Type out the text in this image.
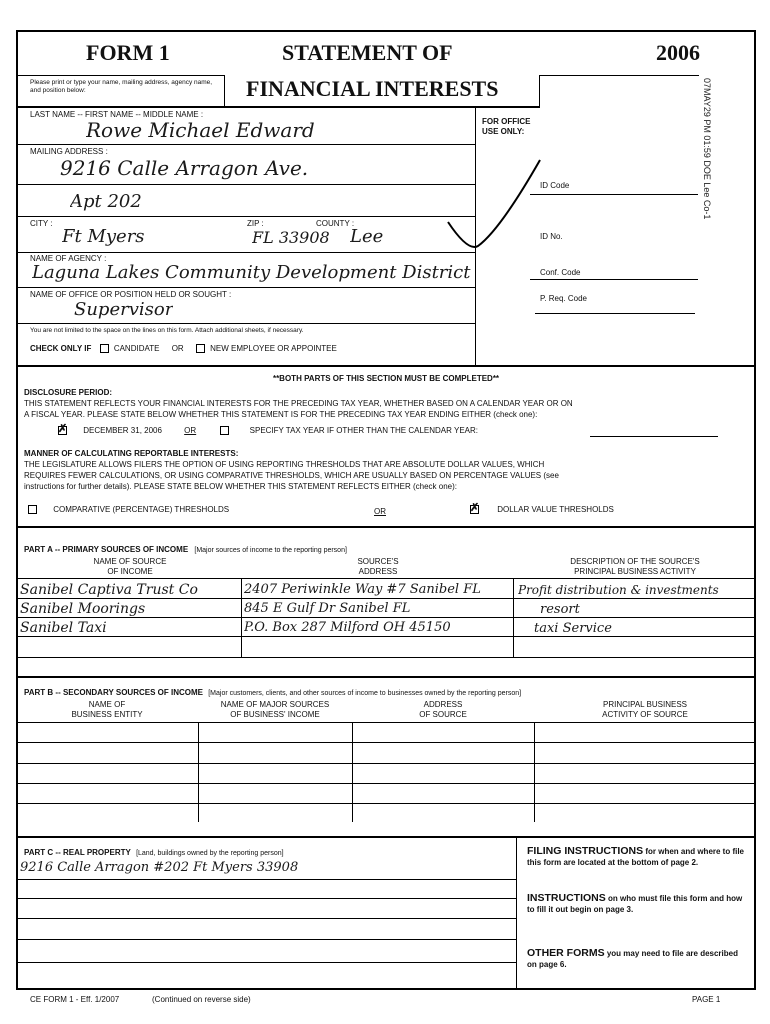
FORM 1	STATEMENT OF	2006
Please print or type your name, mailing address, agency name, and position below:	FINANCIAL INTERESTS	07MAY29 PM 01:59 DOE Lee Co-1
LAST NAME -- FIRST NAME -- MIDDLE NAME :
Rowe Michael Edward
MAILING ADDRESS :
9216 Calle Arragon Ave.
Apt 202
CITY :	ZIP :	COUNTY :
Ft Myers	FL 33908 Lee
NAME OF AGENCY :
Laguna Lakes Community Development District
NAME OF OFFICE OR POSITION HELD OR SOUGHT :
Supervisor
You are not limited to the space on the lines on this form. Attach additional sheets, if necessary.
CHECK ONLY IF	CANDIDATE OR	NEW EMPLOYEE OR APPOINTEE
FOR OFFICE
USE ONLY:
ID Code
ID No.
Conf. Code
P. Req. Code
**BOTH PARTS OF THIS SECTION MUST BE COMPLETED**
DISCLOSURE PERIOD:
THIS STATEMENT REFLECTS YOUR FINANCIAL INTERESTS FOR THE PRECEDING TAX YEAR, WHETHER BASED ON A CALENDAR YEAR OR ON
A FISCAL YEAR. PLEASE STATE BELOW WHETHER THIS STATEMENT IS FOR THE PRECEDING TAX YEAR ENDING EITHER (check one):
✗ DECEMBER 31, 2006	OR	SPECIFY TAX YEAR IF OTHER THAN THE CALENDAR YEAR:
MANNER OF CALCULATING REPORTABLE INTERESTS:
THE LEGISLATURE ALLOWS FILERS THE OPTION OF USING REPORTING THRESHOLDS THAT ARE ABSOLUTE DOLLAR VALUES, WHICH
REQUIRES FEWER CALCULATIONS, OR USING COMPARATIVE THRESHOLDS, WHICH ARE USUALLY BASED ON PERCENTAGE VALUES (see
instructions for further details). PLEASE STATE BELOW WHETHER THIS STATEMENT REFLECTS EITHER (check one):
COMPARATIVE (PERCENTAGE) THRESHOLDS	OR
✗	DOLLAR VALUE THRESHOLDS
PART A -- PRIMARY SOURCES OF INCOME [Major sources of income to the reporting person]
NAME OF SOURCE
OF INCOME
SOURCE'S
ADDRESS
DESCRIPTION OF THE SOURCE'S
PRINCIPAL BUSINESS ACTIVITY
Sanibel Captiva Trust Co	2407 Periwinkle Way #7 Sanibel FL	Profit distribution & investments
Sanibel Moorings	845 E Gulf Dr Sanibel FL	resort
Sanibel Taxi	P.O. Box 287 Milford OH 45150	taxi Service
PART B -- SECONDARY SOURCES OF INCOME [Major customers, clients, and other sources of income to businesses owned by the reporting person]
NAME OF
BUSINESS ENTITY
NAME OF MAJOR SOURCES
OF BUSINESS' INCOME
ADDRESS
OF SOURCE
PRINCIPAL BUSINESS
ACTIVITY OF SOURCE
PART C -- REAL PROPERTY [Land, buildings owned by the reporting person]
9216 Calle Arragon #202 Ft Myers 33908
FILING INSTRUCTIONS for when and where to file this form are located at the bottom of page 2.
INSTRUCTIONS on who must file this form and how to fill it out begin on page 3.
OTHER FORMS you may need to file are described on page 6.
CE FORM 1 - Eff. 1/2007	(Continued on reverse side)	PAGE 1
